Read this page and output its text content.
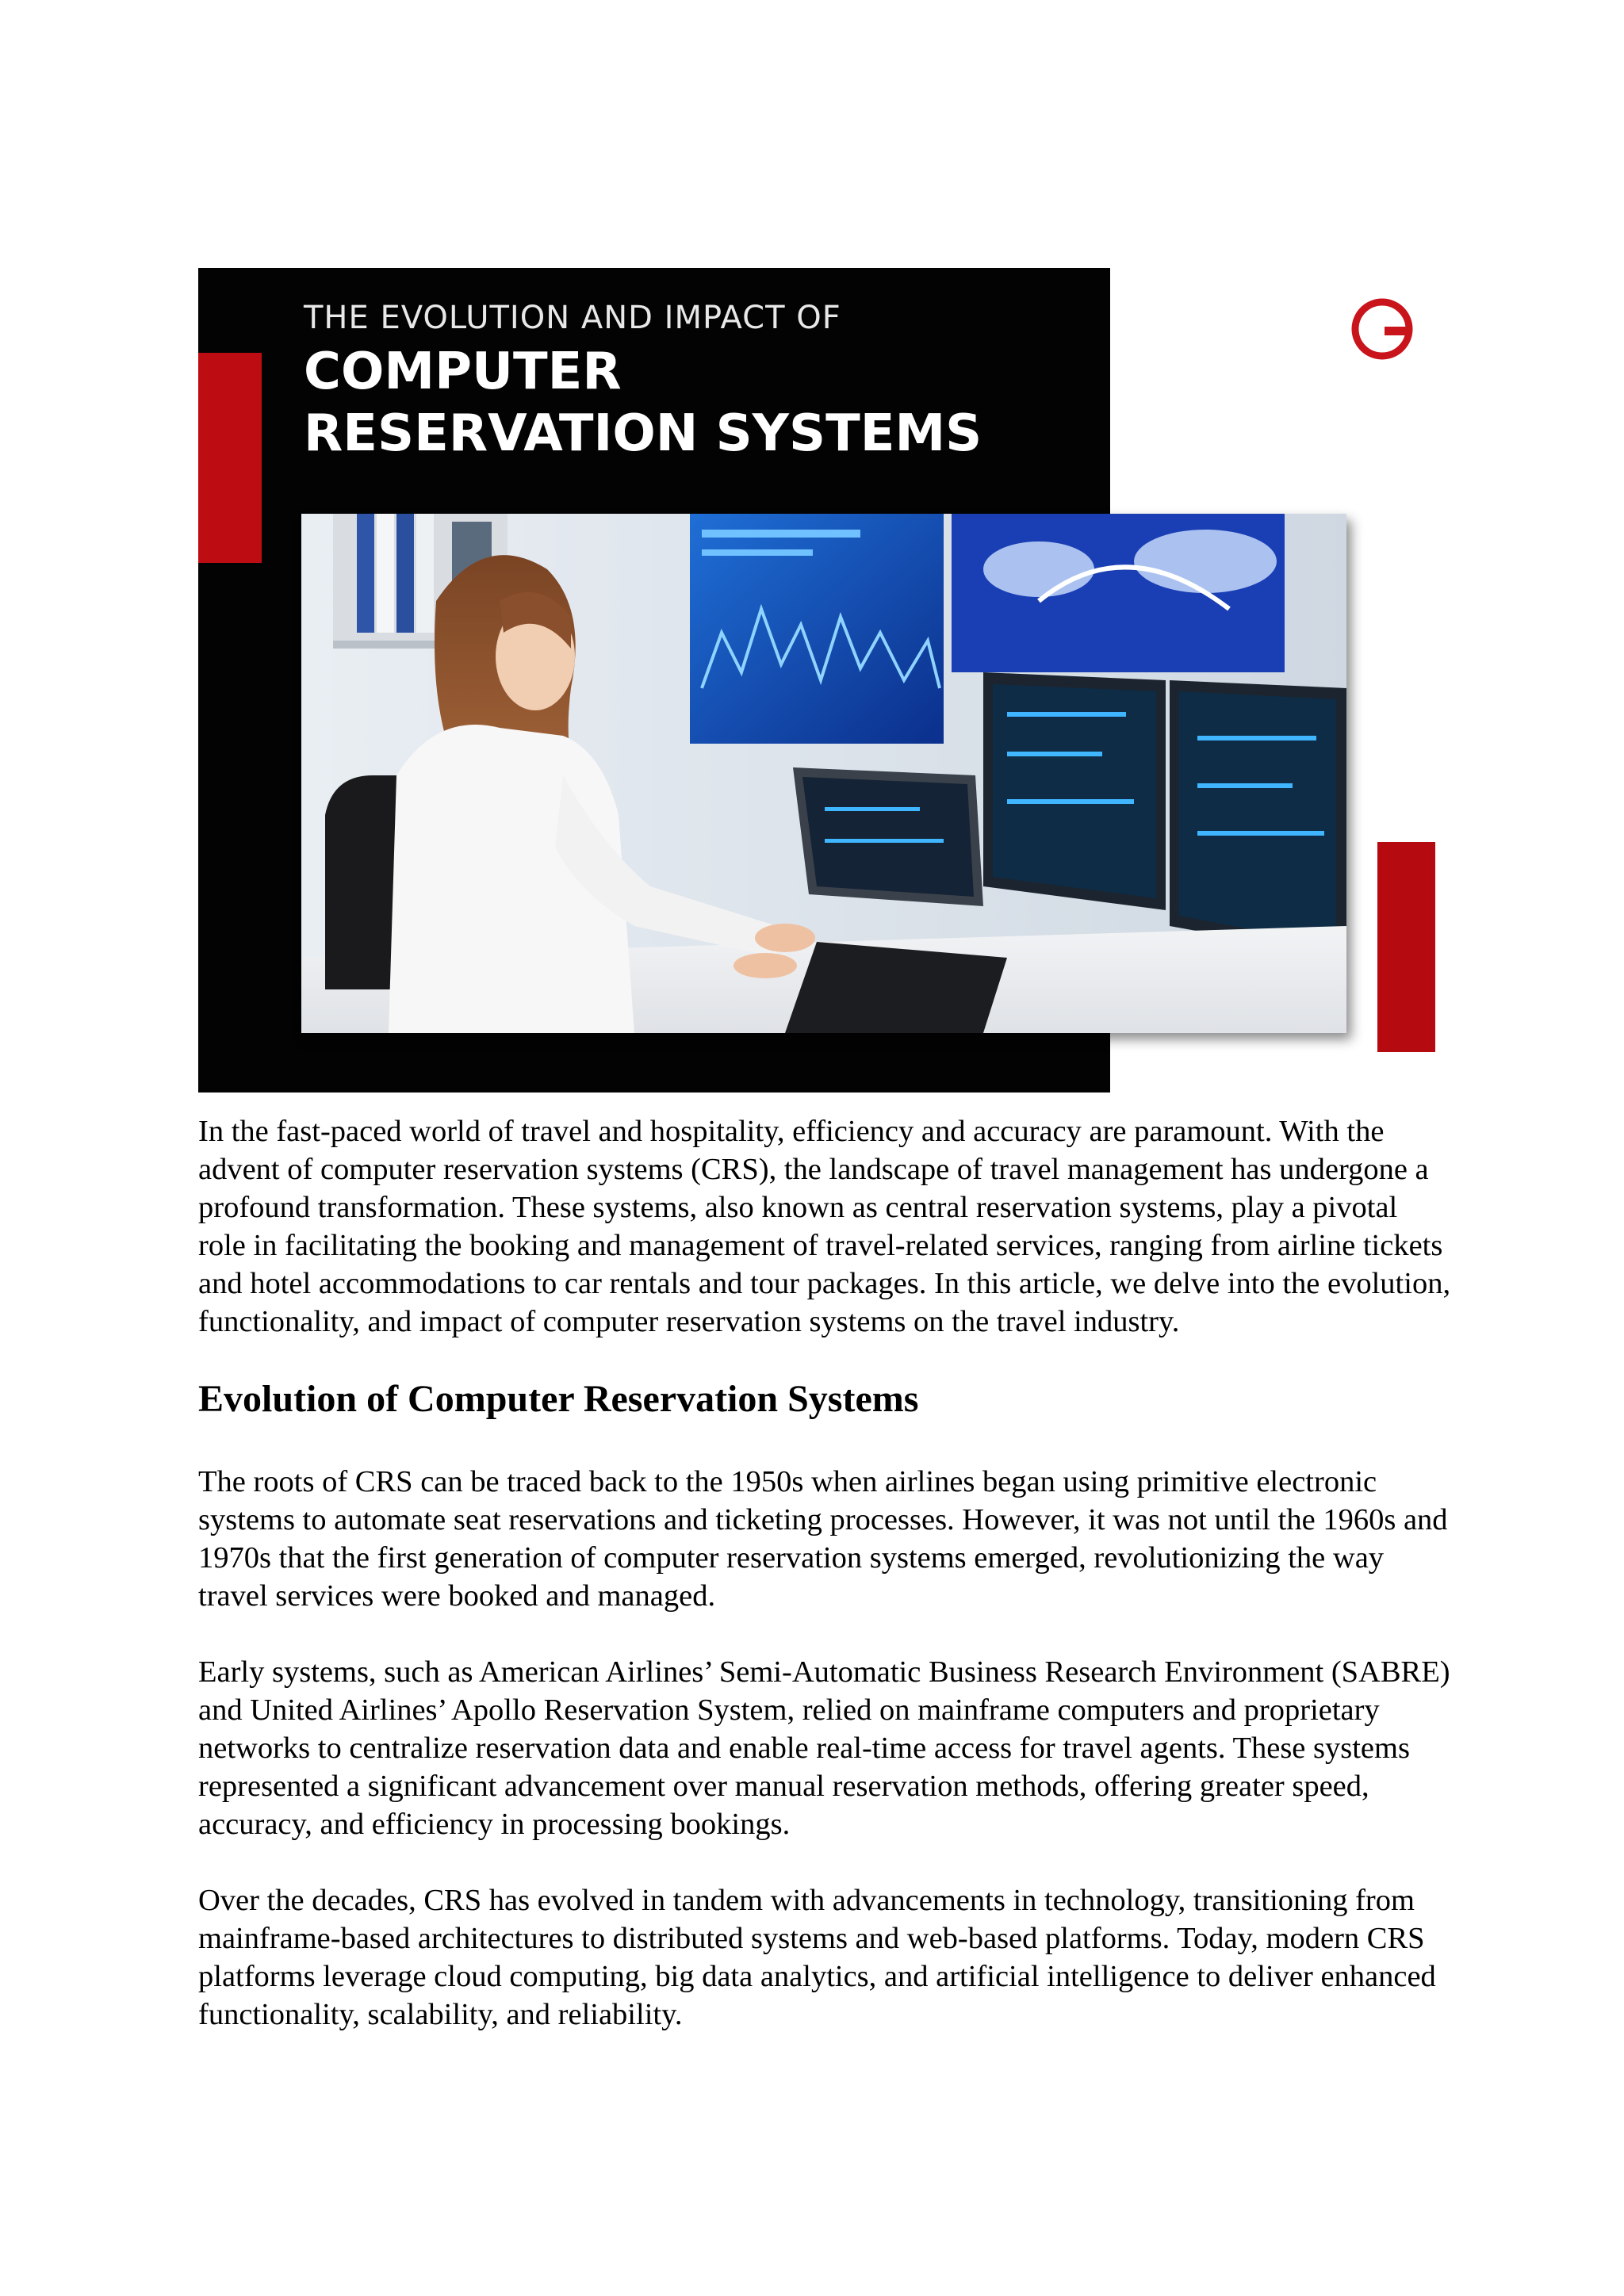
THE EVOLUTION AND IMPACT OF
COMPUTER
RESERVATION SYSTEMS
R

In the fast-paced world of travel and hospitality, efficiency and accuracy are paramount. With the advent of computer reservation systems (CRS), the landscape of travel management has undergone a profound transformation. These systems, also known as central reservation systems, play a pivotal role in facilitating the booking and management of travel-related services, ranging from airline tickets and hotel accommodations to car rentals and tour packages. In this article, we delve into the evolution, functionality, and impact of computer reservation systems on the travel industry.

Evolution of Computer Reservation Systems

The roots of CRS can be traced back to the 1950s when airlines began using primitive electronic systems to automate seat reservations and ticketing processes. However, it was not until the 1960s and 1970s that the first generation of computer reservation systems emerged, revolutionizing the way travel services were booked and managed.

Early systems, such as American Airlines’ Semi-Automatic Business Research Environment (SABRE) and United Airlines’ Apollo Reservation System, relied on mainframe computers and proprietary networks to centralize reservation data and enable real-time access for travel agents. These systems represented a significant advancement over manual reservation methods, offering greater speed, accuracy, and efficiency in processing bookings.

Over the decades, CRS has evolved in tandem with advancements in technology, transitioning from mainframe-based architectures to distributed systems and web-based platforms. Today, modern CRS platforms leverage cloud computing, big data analytics, and artificial intelligence to deliver enhanced functionality, scalability, and reliability.
